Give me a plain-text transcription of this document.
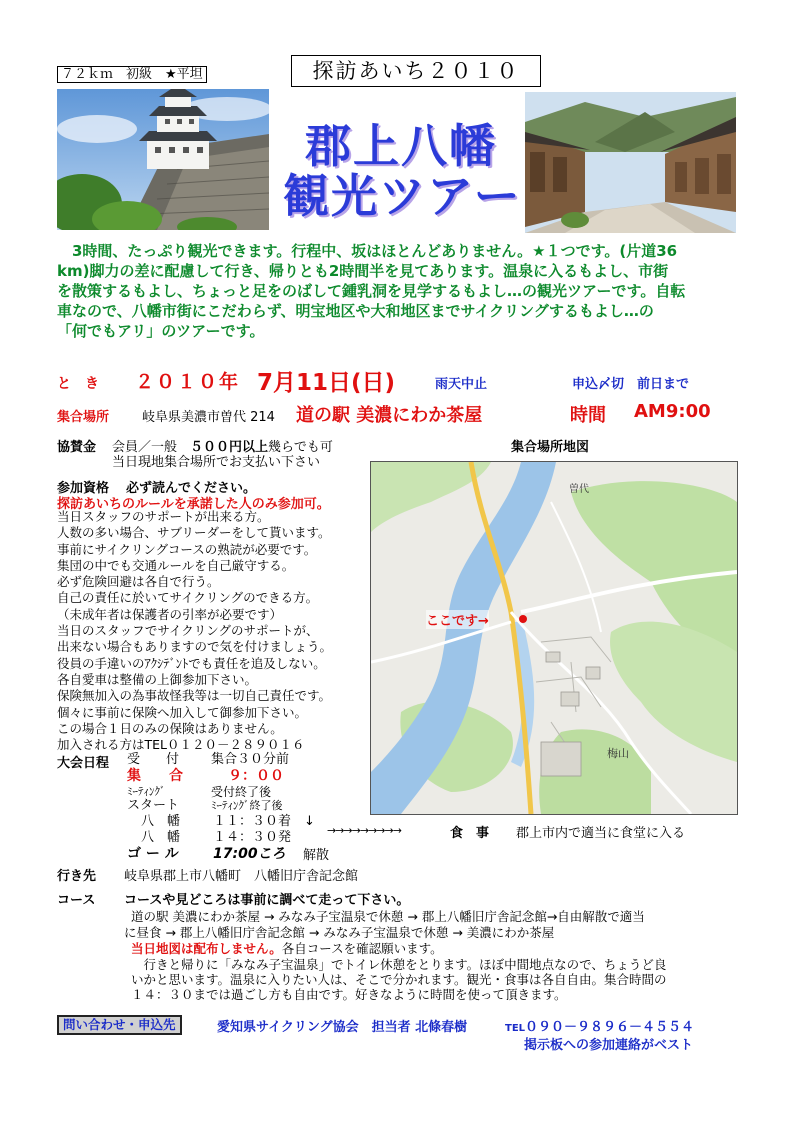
７２ｋｍ　初級　★平坦	探訪あいち２０１０
郡上八幡
観光ツアー
　3時間、たっぷり観光できます。行程中、坂はほとんどありません。★１つです。(片道36
km)脚力の差に配慮して行き、帰りとも2時間半を見てあります。温泉に入るもよし、市街
を散策するもよし、ちょっと足をのばして鍾乳洞を見学するもよし…の観光ツアーです。自転
車なので、八幡市街にこだわらず、明宝地区や大和地区までサイクリングするもよし…の
「何でもアリ」のツアーです。
と　き ２０１０年 7月11日(日)	雨天中止	申込〆切　前日まで
集合場所	岐阜県美濃市曽代 214 道の駅 美濃にわか茶屋	時間 AM9:00
協賛金 会員／一般　５００円以上幾らでも可
当日現地集合場所でお支払い下さい
参加資格 必ず読んでください。
探訪あいちのルールを承諾した人のみ参加可。
当日スタッフのサポートが出来る方。
人数の多い場合、サブリーダーをして貰います。
事前にサイクリングコースの熟読が必要です。
集団の中でも交通ルールを自己厳守する。
必ず危険回避は各自で行う。
自己の責任に於いてサイクリングのできる方。
（未成年者は保護者の引率が必要です）
当日のスタッフでサイクリングのサポートが、
出来ない場合もありますので気を付けましょう。
役員の手違いのｱｸｼﾃﾞﾝﾄでも責任を追及しない。
各自愛車は整備の上御参加下さい。
保険無加入の為事故怪我等は一切自己責任です。
個々に事前に保険へ加入して御参加下さい。
この場合１日のみの保険はありません。
加入される方はTEL０１２０－２８９０１６
集合場所地図
曽代
梅山
ここです→
大会日程 受　　付 集合３０分前
集　　合	９：００
ﾐｰﾃｨﾝｸﾞ	受付終了後
スタート	ﾐｰﾃｨﾝｸﾞ終了後
八　幡	１１：３０着　↓
八　幡	１４：３０発
ゴ ー ル 17:00ころ 解散
→→→→→→→→→	食　事 郡上市内で適当に食堂に入る
行き先 岐阜県郡上市八幡町　八幡旧庁舎記念館
コース コースや見どころは事前に調べて走って下さい。
道の駅 美濃にわか茶屋 → みなみ子宝温泉で休憩 → 郡上八幡旧庁舎記念館→自由解散で適当
に昼食 → 郡上八幡旧庁舎記念館 → みなみ子宝温泉で休憩 → 美濃にわか茶屋
当日地図は配布しません。各自コースを確認願います。
　行きと帰りに「みなみ子宝温泉」でトイレ休憩をとります。ほぼ中間地点なので、ちょうど良
いかと思います。温泉に入りたい人は、そこで分かれます。観光・食事は各自自由。集合時間の
１４：３０までは過ごし方も自由です。好きなように時間を使って頂きます。
問い合わせ・申込先	愛知県サイクリング協会　担当者 北條春樹	TEL０９０－９８９６－４５５４
掲示板への参加連絡がベスト
